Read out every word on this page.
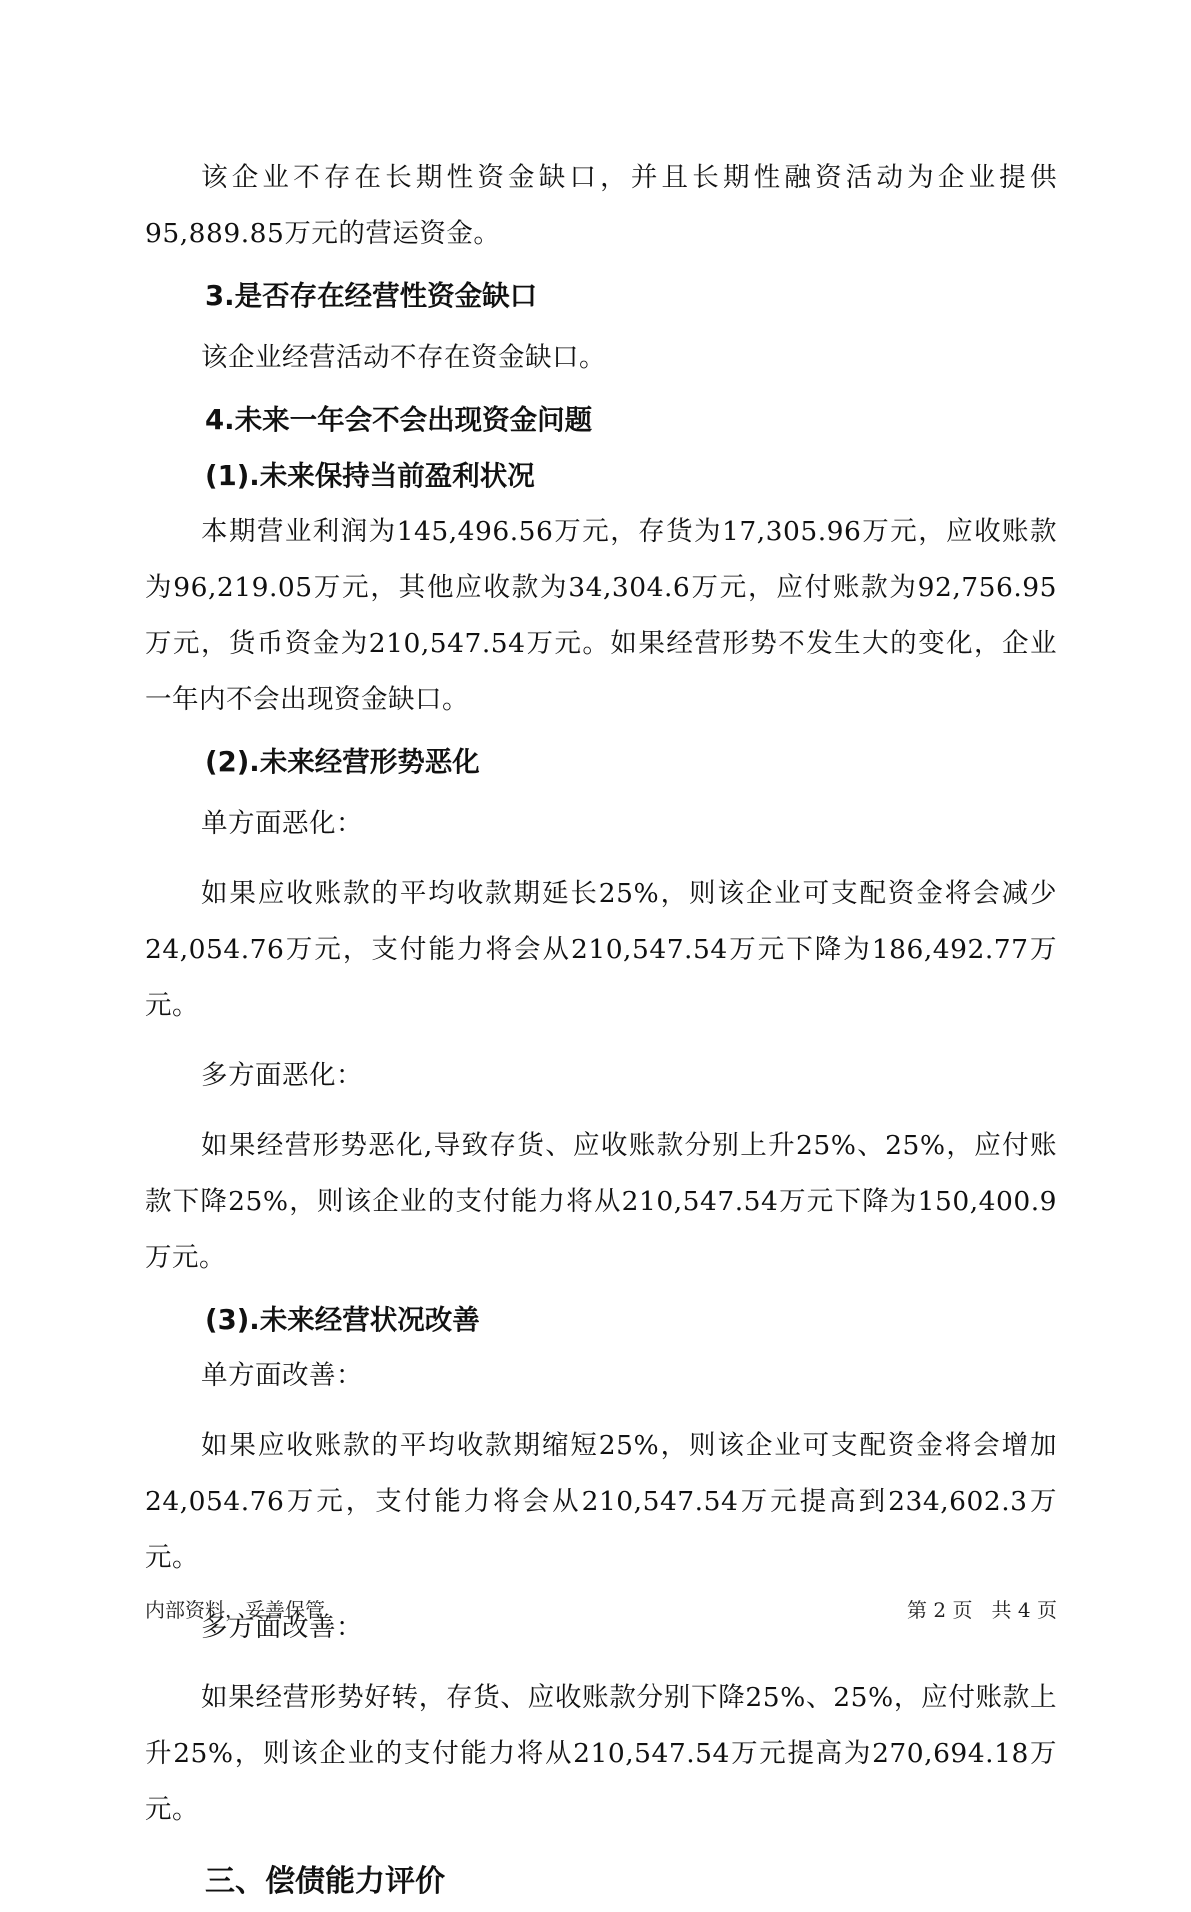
该企业不存在长期性资金缺口，并且长期性融资活动为企业提供95,889.85万元的营运资金。

3.是否存在经营性资金缺口

该企业经营活动不存在资金缺口。

4.未来一年会不会出现资金问题

(1).未来保持当前盈利状况

本期营业利润为145,496.56万元，存货为17,305.96万元，应收账款为96,219.05万元，其他应收款为34,304.6万元，应付账款为92,756.95万元，货币资金为210,547.54万元。如果经营形势不发生大的变化，企业一年内不会出现资金缺口。

(2).未来经营形势恶化

单方面恶化：

如果应收账款的平均收款期延长25%，则该企业可支配资金将会减少24,054.76万元，支付能力将会从210,547.54万元下降为186,492.77万元。

多方面恶化：

如果经营形势恶化,导致存货、应收账款分别上升25%、25%，应付账款下降25%，则该企业的支付能力将从210,547.54万元下降为150,400.9万元。

(3).未来经营状况改善

单方面改善：

如果应收账款的平均收款期缩短25%，则该企业可支配资金将会增加24,054.76万元，支付能力将会从210,547.54万元提高到234,602.3万元。

多方面改善：

如果经营形势好转，存货、应收账款分别下降25%、25%，应付账款上升25%，则该企业的支付能力将从210,547.54万元提高为270,694.18万元。

三、偿债能力评价

内部资料，妥善保管	第 2 页   共 4 页
